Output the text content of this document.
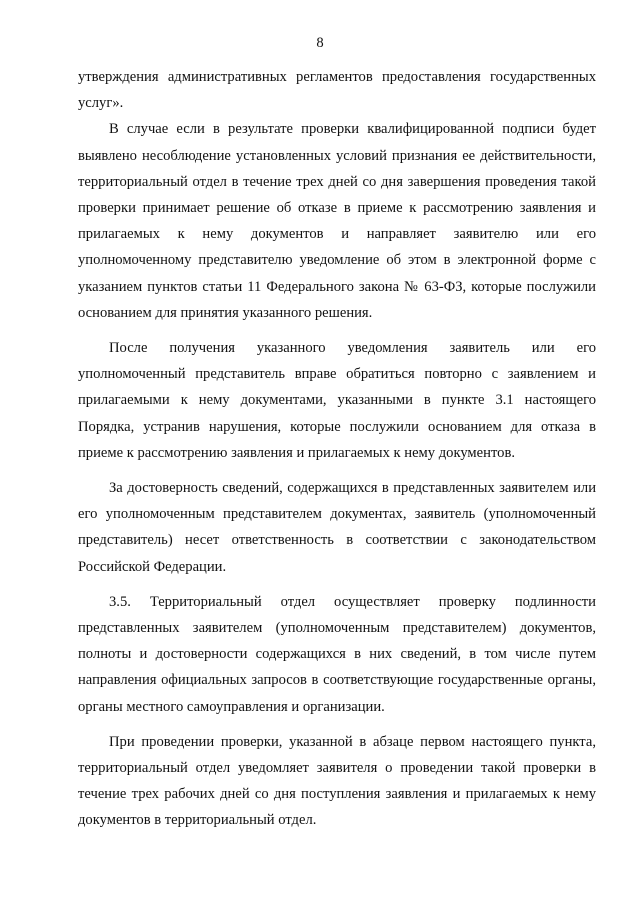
8

утверждения административных регламентов предоставления государственных услуг».

В случае если в результате проверки квалифицированной подписи будет выявлено несоблюдение установленных условий признания ее действительности, территориальный отдел в течение трех дней со дня завершения проведения такой проверки принимает решение об отказе в приеме к рассмотрению заявления и прилагаемых к нему документов и направляет заявителю или его уполномоченному представителю уведомление об этом в электронной форме с указанием пунктов статьи 11 Федерального закона № 63-ФЗ, которые послужили основанием для принятия указанного решения.

После получения указанного уведомления заявитель или его уполномоченный представитель вправе обратиться повторно с заявлением и прилагаемыми к нему документами, указанными в пункте 3.1 настоящего Порядка, устранив нарушения, которые послужили основанием для отказа в приеме к рассмотрению заявления и прилагаемых к нему документов.

За достоверность сведений, содержащихся в представленных заявителем или его уполномоченным представителем документах, заявитель (уполномоченный представитель) несет ответственность в соответствии с законодательством Российской Федерации.

3.5. Территориальный отдел осуществляет проверку подлинности представленных заявителем (уполномоченным представителем) документов, полноты и достоверности содержащихся в них сведений, в том числе путем направления официальных запросов в соответствующие государственные органы, органы местного самоуправления и организации.

При проведении проверки, указанной в абзаце первом настоящего пункта, территориальный отдел уведомляет заявителя о проведении такой проверки в течение трех рабочих дней со дня поступления заявления и прилагаемых к нему документов в территориальный отдел.
